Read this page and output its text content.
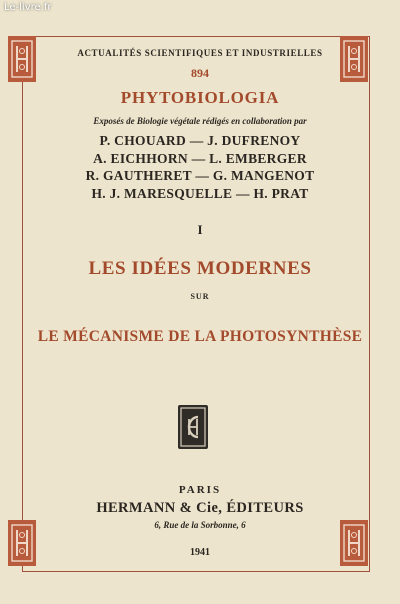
Le-livre.fr
ACTUALITÉS SCIENTIFIQUES ET INDUSTRIELLES
894
PHYTOBIOLOGIA
Exposés de Biologie végétale rédigés en collaboration par
P. CHOUARD — J. DUFRENOY
A. EICHHORN — L. EMBERGER
R. GAUTHERET — G. MANGENOT
H. J. MARESQUELLE — H. PRAT
I
LES IDÉES MODERNES
SUR
LE MÉCANISME DE LA PHOTOSYNTHÈSE
PARIS
HERMANN & Cie, ÉDITEURS
6, Rue de la Sorbonne, 6
1941
